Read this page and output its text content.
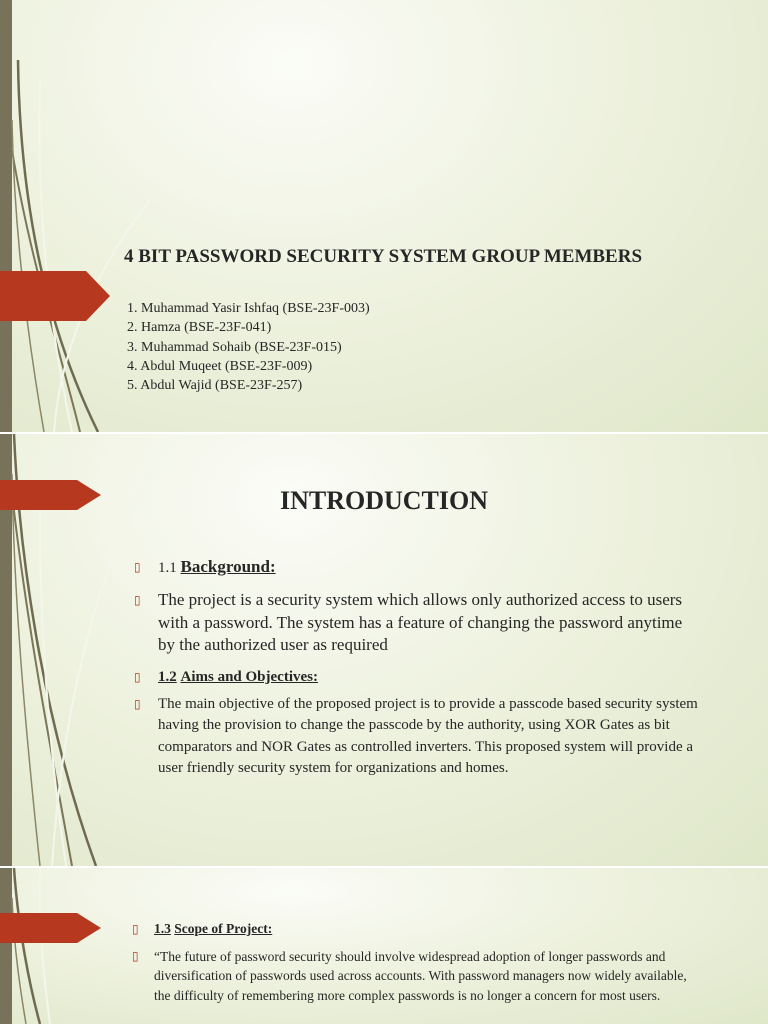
4 BIT PASSWORD SECURITY SYSTEM GROUP MEMBERS
1. Muhammad Yasir Ishfaq (BSE-23F-003)
2. Hamza (BSE-23F-041)
3. Muhammad Sohaib (BSE-23F-015)
4. Abdul Muqeet (BSE-23F-009)
5. Abdul Wajid (BSE-23F-257)
INTRODUCTION
▯ 1.1 Background:
▯ The project is a security system which allows only authorized access to users with a password. The system has a feature of changing the password anytime by the authorized user as required
▯ 1.2 Aims and Objectives:
▯ The main objective of the proposed project is to provide a passcode based security system having the provision to change the passcode by the authority, using XOR Gates as bit comparators and NOR Gates as controlled inverters. This proposed system will provide a user friendly security system for organizations and homes.
▯ 1.3 Scope of Project:
▯ “The future of password security should involve widespread adoption of longer passwords and diversification of passwords used across accounts. With password managers now widely available, the difficulty of remembering more complex passwords is no longer a concern for most users.
